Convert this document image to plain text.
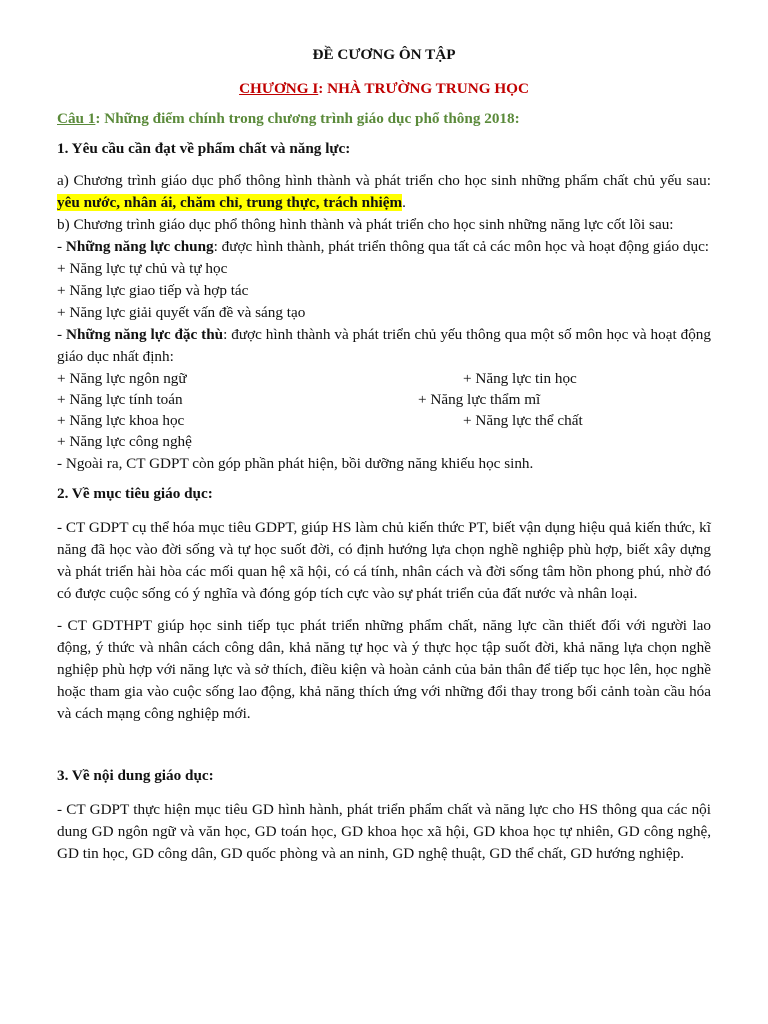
ĐỀ CƯƠNG ÔN TẬP

CHƯƠNG I: NHÀ TRƯỜNG TRUNG HỌC

Câu 1: Những điểm chính trong chương trình giáo dục phổ thông 2018:

1. Yêu cầu cần đạt về phẩm chất và năng lực:

a) Chương trình giáo dục phổ thông hình thành và phát triển cho học sinh những phẩm chất chủ yếu sau: yêu nước, nhân ái, chăm chỉ, trung thực, trách nhiệm.

b) Chương trình giáo dục phổ thông hình thành và phát triển cho học sinh những năng lực cốt lõi sau:

- Những năng lực chung: được hình thành, phát triển thông qua tất cả các môn học và hoạt động giáo dục:

+ Năng lực tự chủ và tự học

+ Năng lực giao tiếp và hợp tác

+ Năng lực giải quyết vấn đề và sáng tạo

- Những năng lực đặc thù: được hình thành và phát triển chủ yếu thông qua một số môn học và hoạt động giáo dục nhất định:

+ Năng lực ngôn ngữ	+ Năng lực tin học
+ Năng lực tính toán	+ Năng lực thẩm mĩ
+ Năng lực khoa học	+ Năng lực thể chất

+ Năng lực công nghệ

- Ngoài ra, CT GDPT còn góp phần phát hiện, bồi dưỡng năng khiếu học sinh.

2. Về mục tiêu giáo dục:

- CT GDPT cụ thể hóa mục tiêu GDPT, giúp HS làm chủ kiến thức PT, biết vận dụng hiệu quả kiến thức, kĩ năng đã học vào đời sống và tự học suốt đời, có định hướng lựa chọn nghề nghiệp phù hợp, biết xây dựng và phát triển hài hòa các mối quan hệ xã hội, có cá tính, nhân cách và đời sống tâm hồn phong phú, nhờ đó có được cuộc sống có ý nghĩa và đóng góp tích cực vào sự phát triển của đất nước và nhân loại.

- CT GDTHPT giúp học sinh tiếp tục phát triển những phẩm chất, năng lực cần thiết đối với người lao động, ý thức và nhân cách công dân, khả năng tự học và ý thực học tập suốt đời, khả năng lựa chọn nghề nghiệp phù hợp với năng lực và sở thích, điều kiện và hoàn cảnh của bản thân để tiếp tục học lên, học nghề hoặc tham gia vào cuộc sống lao động, khả năng thích ứng với những đổi thay trong bối cảnh toàn cầu hóa và cách mạng công nghiệp mới.

3. Về nội dung giáo dục:

- CT GDPT thực hiện mục tiêu GD hình hành, phát triển phẩm chất và năng lực cho HS thông qua các nội dung GD ngôn ngữ và văn học, GD toán học, GD khoa học xã hội, GD khoa học tự nhiên, GD công nghệ, GD tin học, GD công dân, GD quốc phòng và an ninh, GD nghệ thuật, GD thể chất, GD hướng nghiệp.
